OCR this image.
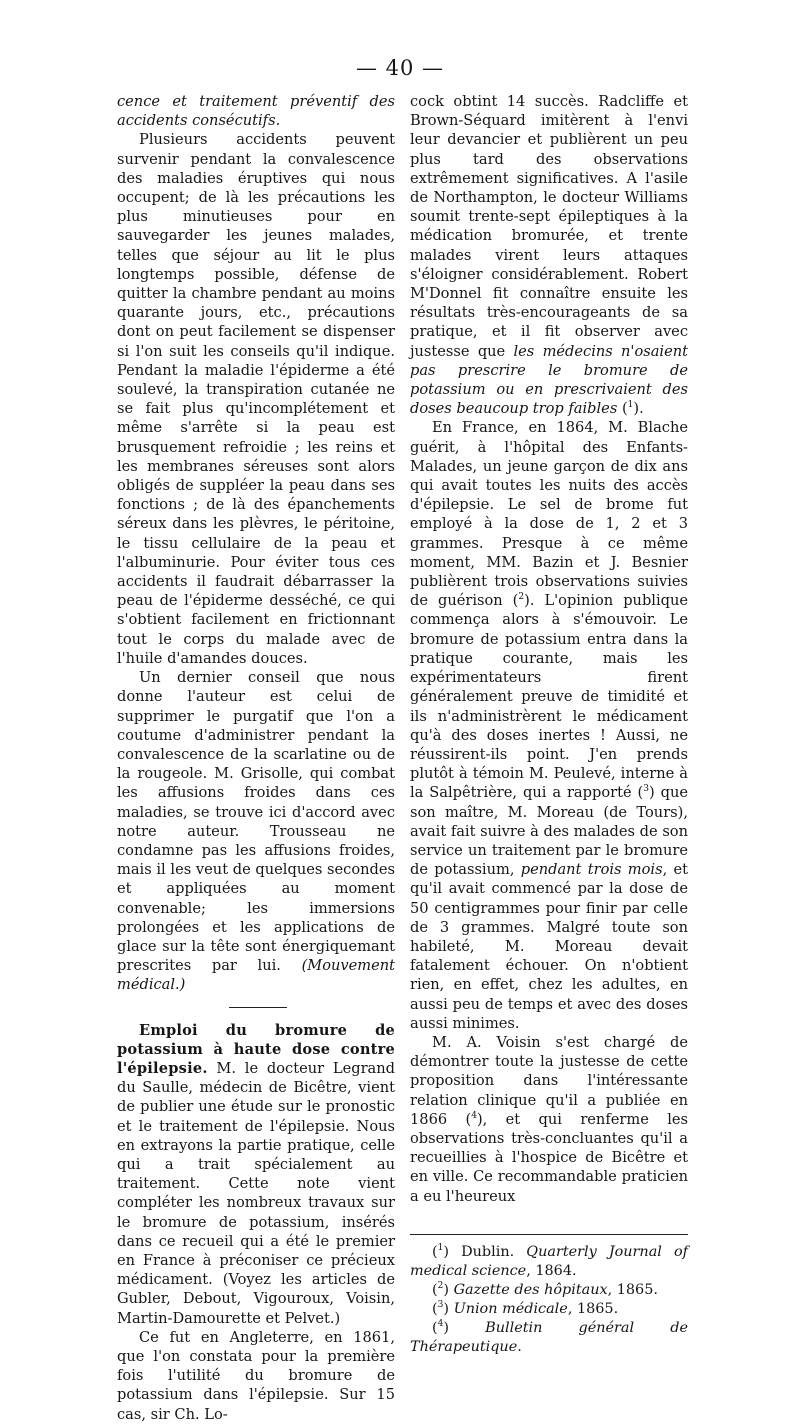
— 40 —

cence et traitement préventif des accidents consécutifs.

Plusieurs accidents peuvent survenir pendant la convalescence des maladies éruptives qui nous occupent; de là les précautions les plus minutieuses pour en sauvegarder les jeunes malades, telles que séjour au lit le plus longtemps possible, défense de quitter la chambre pendant au moins quarante jours, etc., précautions dont on peut facilement se dispenser si l'on suit les conseils qu'il indique. Pendant la maladie l'épiderme a été soulevé, la transpiration cutanée ne se fait plus qu'incomplétement et même s'arrête si la peau est brusquement refroidie ; les reins et les membranes séreuses sont alors obligés de suppléer la peau dans ses fonctions ; de là des épanchements séreux dans les plèvres, le péritoine, le tissu cellulaire de la peau et l'albuminurie. Pour éviter tous ces accidents il faudrait débarrasser la peau de l'épiderme desséché, ce qui s'obtient facilement en frictionnant tout le corps du malade avec de l'huile d'amandes douces.

Un dernier conseil que nous donne l'auteur est celui de supprimer le purgatif que l'on a coutume d'administrer pendant la convalescence de la scarlatine ou de la rougeole. M. Grisolle, qui combat les affusions froides dans ces maladies, se trouve ici d'accord avec notre auteur. Trousseau ne condamne pas les affusions froides, mais il les veut de quelques secondes et appliquées au moment convenable; les immersions prolongées et les applications de glace sur la tête sont énergiquemant prescrites par lui. (Mouvement médical.)

Emploi du bromure de potassium à haute dose contre l'épilepsie. M. le docteur Legrand du Saulle, médecin de Bicêtre, vient de publier une étude sur le pronostic et le traitement de l'épilepsie. Nous en extrayons la partie pratique, celle qui a trait spécialement au traitement. Cette note vient compléter les nombreux travaux sur le bromure de potassium, insérés dans ce recueil qui a été le premier en France à préconiser ce précieux médicament. (Voyez les articles de Gubler, Debout, Vigouroux, Voisin, Martin-Damourette et Pelvet.)

Ce fut en Angleterre, en 1861, que l'on constata pour la première fois l'utilité du bromure de potassium dans l'épilepsie. Sur 15 cas, sir Ch. Lo-

cock obtint 14 succès. Radcliffe et Brown-Séquard imitèrent à l'envi leur devancier et publièrent un peu plus tard des observations extrêmement significatives. A l'asile de Northampton, le docteur Williams soumit trente-sept épileptiques à la médication bromurée, et trente malades virent leurs attaques s'éloigner considérablement. Robert M'Donnel fit connaître ensuite les résultats très-encourageants de sa pratique, et il fit observer avec justesse que les médecins n'osaient pas prescrire le bromure de potassium ou en prescrivaient des doses beaucoup trop faibles ($^1$).

En France, en 1864, M. Blache guérit, à l'hôpital des Enfants-Malades, un jeune garçon de dix ans qui avait toutes les nuits des accès d'épilepsie. Le sel de brome fut employé à la dose de 1, 2 et 3 grammes. Presque à ce même moment, MM. Bazin et J. Besnier publièrent trois observations suivies de guérison ($^2$). L'opinion publique commença alors à s'émouvoir. Le bromure de potassium entra dans la pratique courante, mais les expérimentateurs firent généralement preuve de timidité et ils n'administrèrent le médicament qu'à des doses inertes ! Aussi, ne réussirent-ils point. J'en prends plutôt à témoin M. Peulevé, interne à la Salpêtrière, qui a rapporté ($^3$) que son maître, M. Moreau (de Tours), avait fait suivre à des malades de son service un traitement par le bromure de potassium, pendant trois mois, et qu'il avait commencé par la dose de 50 centigrammes pour finir par celle de 3 grammes. Malgré toute son habileté, M. Moreau devait fatalement échouer. On n'obtient rien, en effet, chez les adultes, en aussi peu de temps et avec des doses aussi minimes.

M. A. Voisin s'est chargé de démontrer toute la justesse de cette proposition dans l'intéressante relation clinique qu'il a publiée en 1866 ($^4$), et qui renferme les observations très-concluantes qu'il a recueillies à l'hospice de Bicêtre et en ville. Ce recommandable praticien a eu l'heureux

($^1$) Dublin. Quarterly Journal of medical science, 1864.

($^2$) Gazette des hôpitaux, 1865.

($^3$) Union médicale, 1865.

($^4$) Bulletin général de Thérapeutique.
